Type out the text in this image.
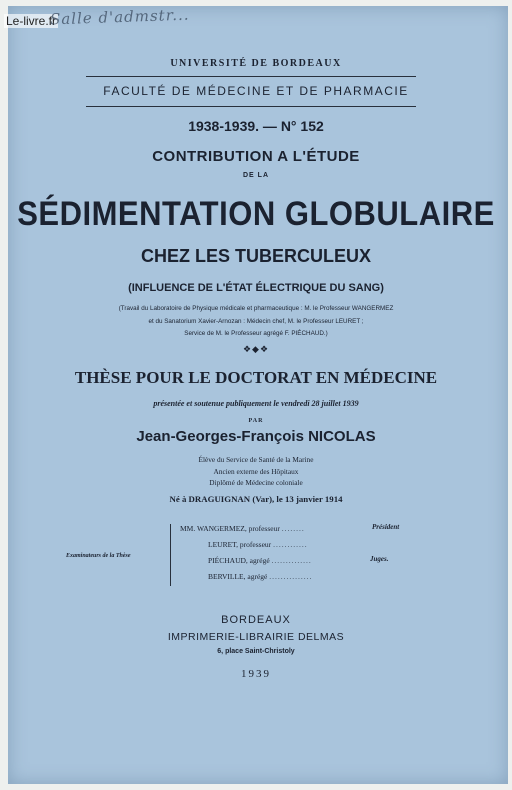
Le-livre.fr
Salle d'admstr...
UNIVERSITÉ DE BORDEAUX
FACULTÉ DE MÉDECINE ET DE PHARMACIE
1938-1939. — N° 152
CONTRIBUTION A L'ÉTUDE
DE LA
SÉDIMENTATION GLOBULAIRE
CHEZ LES TUBERCULEUX
(INFLUENCE DE L'ÉTAT ÉLECTRIQUE DU SANG)
(Travail du Laboratoire de Physique médicale et pharmaceutique : M. le Professeur WANGERMEZ
et du Sanatorium Xavier-Arnozan : Médecin chef, M. le Professeur LEURET ;
Service de M. le Professeur agrégé F. PIÉCHAUD.)
❖◆❖
THÈSE POUR LE DOCTORAT EN MÉDECINE
présentée et soutenue publiquement le vendredi 28 juillet 1939
PAR
Jean-Georges-François NICOLAS
Élève du Service de Santé de la Marine
Ancien externe des Hôpitaux
Diplômé de Médecine coloniale
Né à DRAGUIGNAN (Var), le 13 janvier 1914
Examinateurs de la Thèse
MM. WANGERMEZ, professeur ........
LEURET, professeur ............
PIÉCHAUD, agrégé ..............
BERVILLE, agrégé ...............
Président
Juges.
BORDEAUX
IMPRIMERIE-LIBRAIRIE DELMAS
6, place Saint-Christoly
1939
